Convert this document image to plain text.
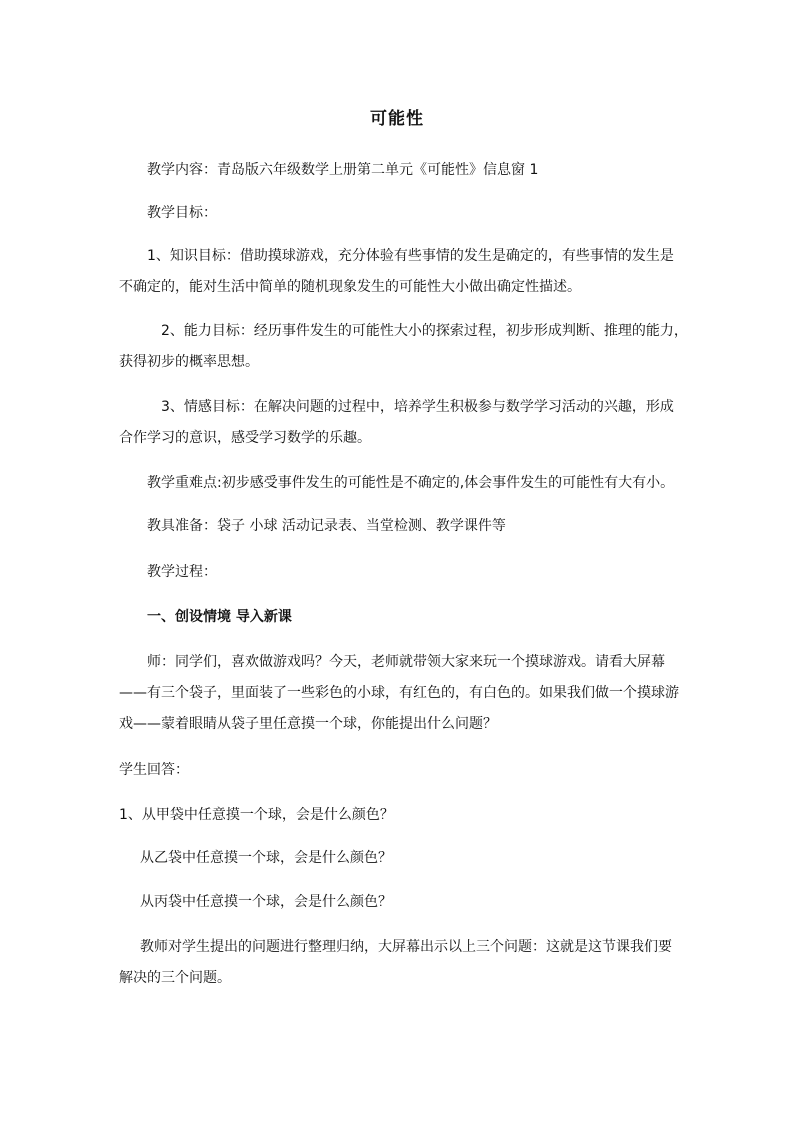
可能性
教学内容：青岛版六年级数学上册第二单元《可能性》信息窗 1
教学目标：
1、知识目标：借助摸球游戏，充分体验有些事情的发生是确定的，有些事情的发生是
不确定的，能对生活中简单的随机现象发生的可能性大小做出确定性描述。
2、能力目标：经历事件发生的可能性大小的探索过程，初步形成判断、推理的能力，
获得初步的概率思想。
3、情感目标：在解决问题的过程中，培养学生积极参与数学学习活动的兴趣，形成
合作学习的意识，感受学习数学的乐趣。
教学重难点:初步感受事件发生的可能性是不确定的,体会事件发生的可能性有大有小。
教具准备：袋子 小球 活动记录表、当堂检测、教学课件等
教学过程：
一、创设情境 导入新课
师：同学们，喜欢做游戏吗？今天，老师就带领大家来玩一个摸球游戏。请看大屏幕
——有三个袋子，里面装了一些彩色的小球，有红色的，有白色的。如果我们做一个摸球游
戏——蒙着眼睛从袋子里任意摸一个球，你能提出什么问题？
学生回答：
1、从甲袋中任意摸一个球，会是什么颜色？
从乙袋中任意摸一个球，会是什么颜色？
从丙袋中任意摸一个球，会是什么颜色？
教师对学生提出的问题进行整理归纳，大屏幕出示以上三个问题：这就是这节课我们要
解决的三个问题。
